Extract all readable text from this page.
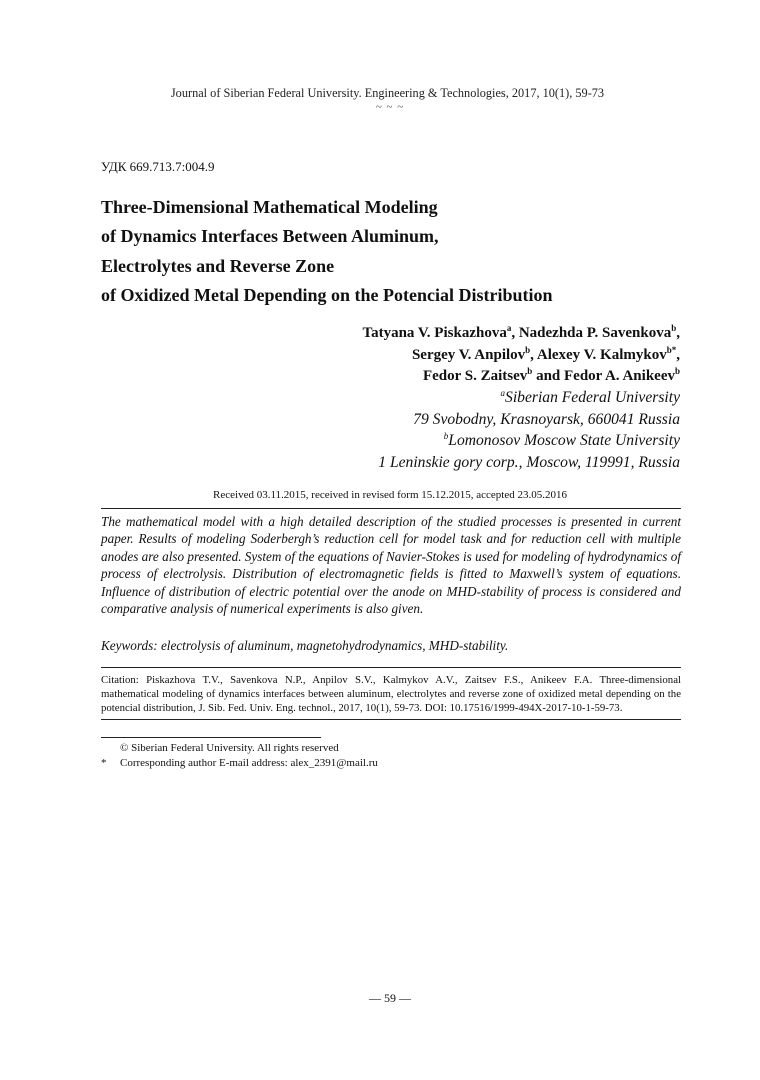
Journal of Siberian Federal University. Engineering & Technologies, 2017, 10(1), 59-73
~ ~ ~
УДК 669.713.7:004.9
Three-Dimensional Mathematical Modeling
of Dynamics Interfaces Between Aluminum,
Electrolytes and Reverse Zone
of Oxidized Metal Depending on the Potencial Distribution
Tatyana V. Piskazhova$^a$, Nadezhda P. Savenkova$^b$,
Sergey V. Anpilov$^b$, Alexey V. Kalmykov$^{b*}$,
Fedor S. Zaitsev$^b$ and Fedor A. Anikeev$^b$
$^a$Siberian Federal University
79 Svobodny, Krasnoyarsk, 660041 Russia
$^b$Lomonosov Moscow State University
1 Leninskie gory corp., Moscow, 119991, Russia
Received 03.11.2015, received in revised form 15.12.2015, accepted 23.05.2016
The mathematical model with a high detailed description of the studied processes is presented in current paper. Results of modeling Soderbergh’s reduction cell for model task and for reduction cell with multiple anodes are also presented. System of the equations of Navier-Stokes is used for modeling of hydrodynamics of process of electrolysis. Distribution of electromagnetic fields is fitted to Maxwell’s system of equations. Influence of distribution of electric potential over the anode on MHD-stability of process is considered and comparative analysis of numerical experiments is also given.
Keywords: electrolysis of aluminum, magnetohydrodynamics, MHD-stability.
Citation: Piskazhova T.V., Savenkova N.P., Anpilov S.V., Kalmykov A.V., Zaitsev F.S., Anikeev F.A. Three-dimensional mathematical modeling of dynamics interfaces between aluminum, electrolytes and reverse zone of oxidized metal depending on the potencial distribution, J. Sib. Fed. Univ. Eng. technol., 2017, 10(1), 59-73. DOI: 10.17516/1999-494X-2017-10-1-59-73.
© Siberian Federal University. All rights reserved
*	Corresponding author E-mail address: alex_2391@mail.ru
— 59 —
